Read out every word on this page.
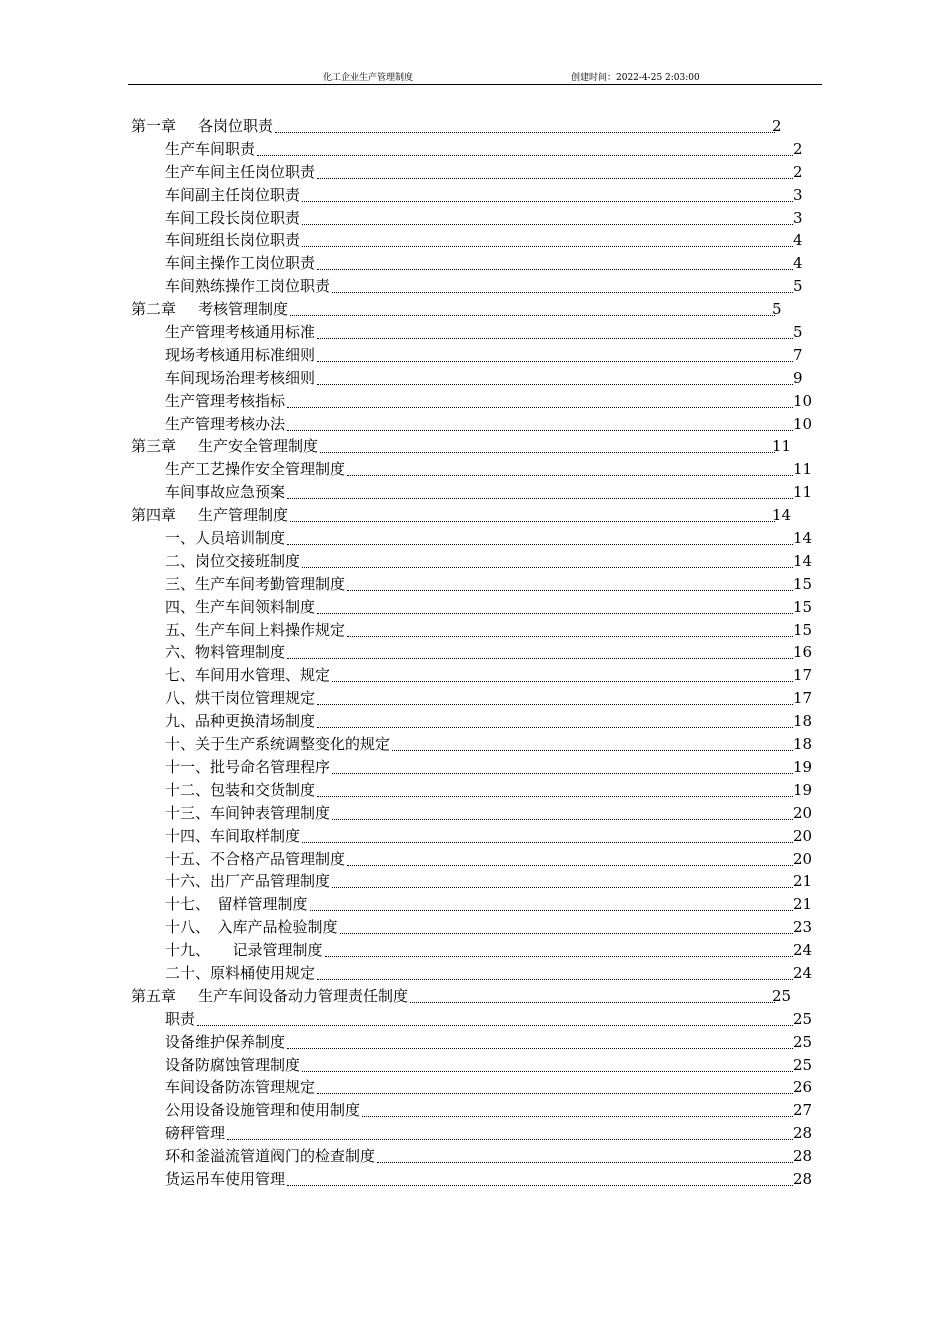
化工企业生产管理制度	创建时间：2022-4-25 2:03:00
第一章 各岗位职责	2
生产车间职责	2
生产车间主任岗位职责	2
车间副主任岗位职责	3
车间工段长岗位职责	3
车间班组长岗位职责	4
车间主操作工岗位职责	4
车间熟练操作工岗位职责	5
第二章 考核管理制度	5
生产管理考核通用标准	5
现场考核通用标准细则	7
车间现场治理考核细则	9
生产管理考核指标	10
生产管理考核办法	10
第三章 生产安全管理制度	11
生产工艺操作安全管理制度	11
车间事故应急预案	11
第四章 生产管理制度	14
一、人员培训制度	14
二、岗位交接班制度	14
三、生产车间考勤管理制度	15
四、生产车间领料制度	15
五、生产车间上料操作规定	15
六、物料管理制度	16
七、车间用水管理、规定	17
八、烘干岗位管理规定	17
九、品种更换清场制度	18
十、关于生产系统调整变化的规定	18
十一、批号命名管理程序	19
十二、包装和交货制度	19
十三、车间钟表管理制度	20
十四、车间取样制度	20
十五、不合格产品管理制度	20
十六、出厂产品管理制度	21
十七、　留样管理制度	21
十八、　入库产品检验制度	23
十九、　　记录管理制度	24
二十、原料桶使用规定	24
第五章 生产车间设备动力管理责任制度	25
职责	25
设备维护保养制度	25
设备防腐蚀管理制度	25
车间设备防冻管理规定	26
公用设备设施管理和使用制度	27
磅秤管理	28
环和釜溢流管道阀门的检查制度	28
货运吊车使用管理	28
